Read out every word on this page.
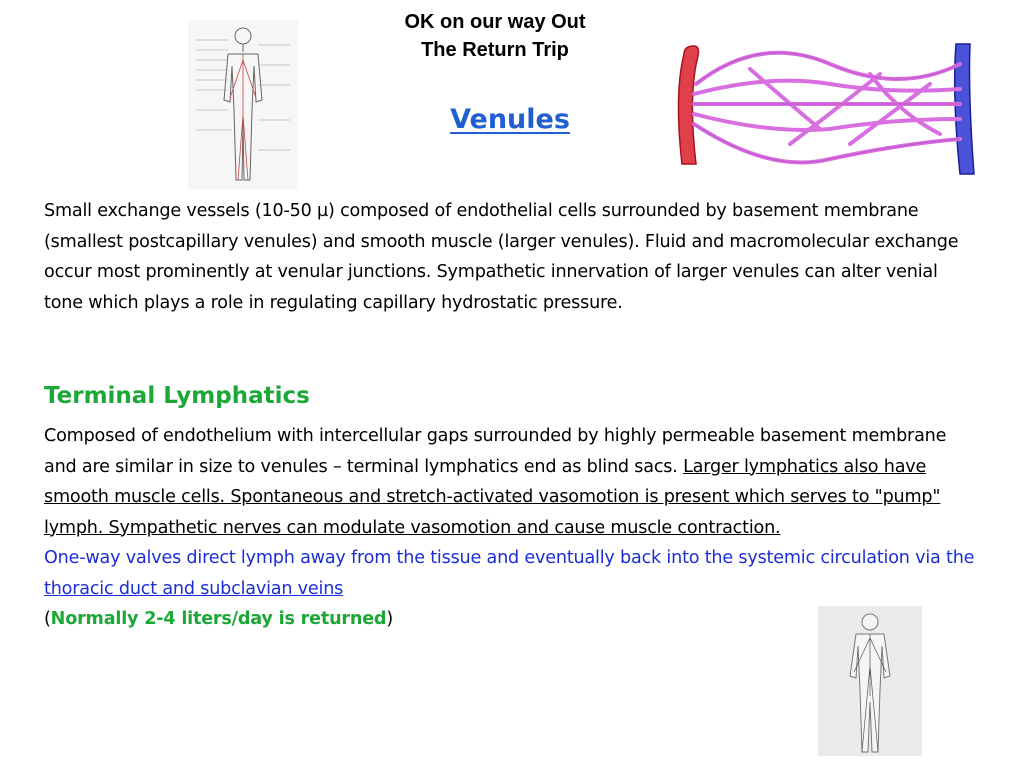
OK on our way Out
The Return Trip
Venules
Small exchange vessels (10-50 µ) composed of endothelial cells surrounded by basement membrane (smallest postcapillary venules) and smooth muscle (larger venules). Fluid and macromolecular exchange occur most prominently at venular junctions. Sympathetic innervation of larger venules can alter venial tone which plays a role in regulating capillary hydrostatic pressure.
Terminal Lymphatics
Composed of endothelium with intercellular gaps surrounded by highly permeable basement membrane and are similar in size to venules – terminal lymphatics end as blind sacs. Larger lymphatics also have smooth muscle cells. Spontaneous and stretch-activated vasomotion is present which serves to "pump" lymph. Sympathetic nerves can modulate vasomotion and cause muscle contraction.
One-way valves direct lymph away from the tissue and eventually back into the systemic circulation via the thoracic duct and subclavian veins
(Normally 2-4 liters/day is returned)
